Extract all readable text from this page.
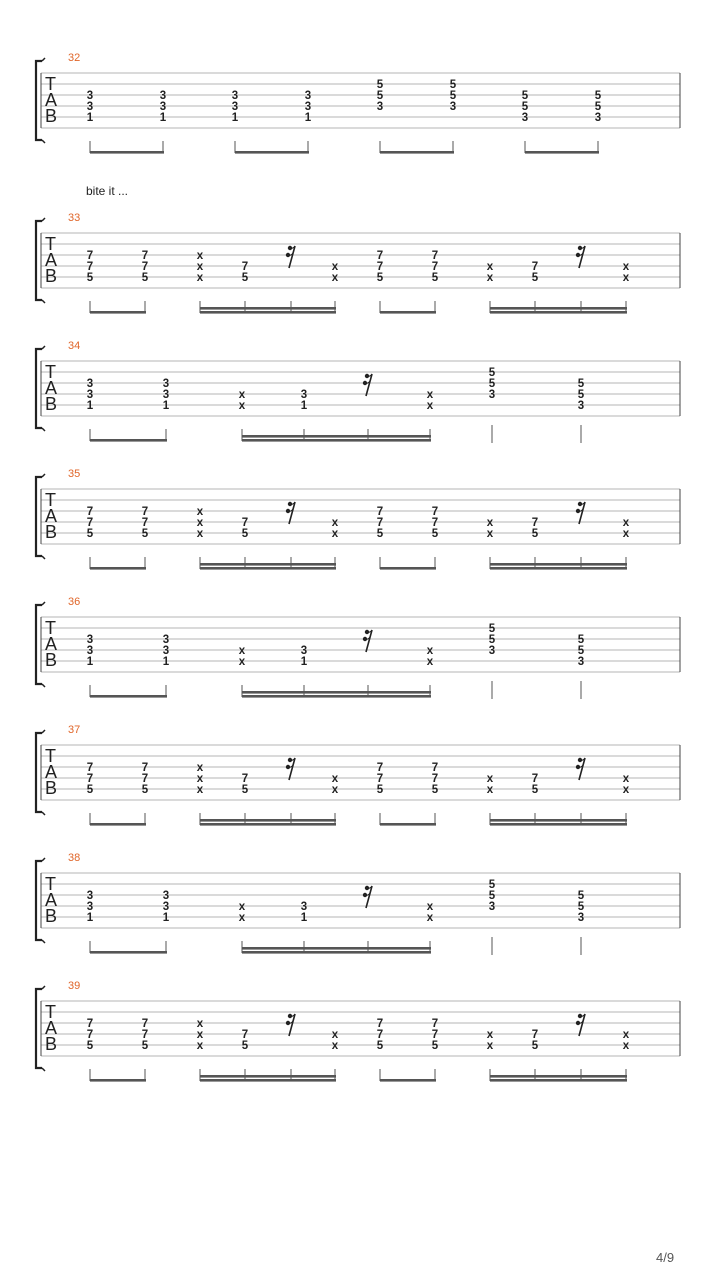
32
T
A
B
3
3
1
3
3
1
3
3
1
3
3
1
5
5
3
5
5
3
5
5
3
5
5
3
33
T
A
B
7
7
5
7
7
5
x
x
x
7
5
x
x
7
7
5
7
7
5
x
x
7
5
x
x
34
T
A
B
3
3
1
3
3
1
x
x
3
1
x
x
5
5
3
5
5
3
35
T
A
B
7
7
5
7
7
5
x
x
x
7
5
x
x
7
7
5
7
7
5
x
x
7
5
x
x
36
T
A
B
3
3
1
3
3
1
x
x
3
1
x
x
5
5
3
5
5
3
37
T
A
B
7
7
5
7
7
5
x
x
x
7
5
x
x
7
7
5
7
7
5
x
x
7
5
x
x
38
T
A
B
3
3
1
3
3
1
x
x
3
1
x
x
5
5
3
5
5
3
39
T
A
B
7
7
5
7
7
5
x
x
x
7
5
x
x
7
7
5
7
7
5
x
x
7
5
x
x
bite it ...
4/9
